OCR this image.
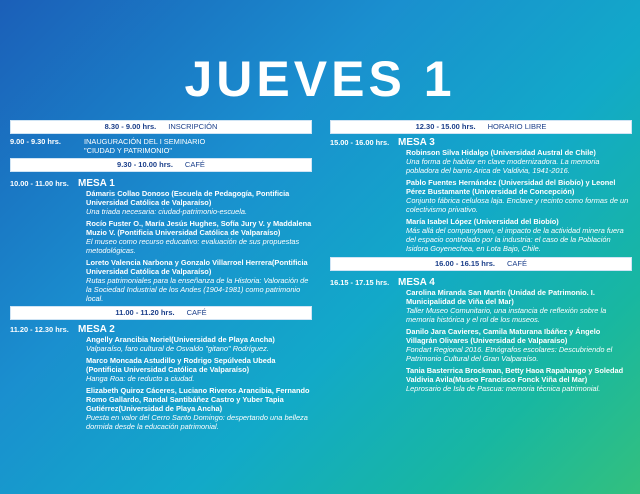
JUEVES 1
8.30 - 9.00 hrs. INSCRIPCIÓN
9.00 - 9.30 hrs.	INAUGURACIÓN DEL I SEMINARIO
"CIUDAD Y PATRIMONIO"
9.30 - 10.00 hrs. CAFÉ
10.00 - 11.00 hrs. MESA 1
Dámaris Collao Donoso (Escuela de Pedagogía, Pontificia Universidad Católica de Valparaíso)
Una triada necesaria: ciudad-patrimonio-escuela.
Rocío Fuster O., María Jesús Hughes, Sofía Jury V. y Maddalena Muzio V. (Pontificia Universidad Católica de Valparaíso)
El museo como recurso educativo: evaluación de sus propuestas metodológicas.
Loreto Valencia Narbona y Gonzalo Villarroel Herrera(Pontificia Universidad Católica de Valparaíso)
Rutas patrimoniales para la enseñanza de la Historia: Valoración de la Sociedad Industrial de los Andes (1904-1981) como patrimonio local.
11.00 - 11.20 hrs. CAFÉ
11.20 - 12.30 hrs. MESA 2
Angelly Arancibia Noriel(Universidad de Playa Ancha)
Valparaíso, faro cultural de Osvaldo "gitano" Rodríguez.
Marco Moncada Astudillo y Rodrigo Sepúlveda Ubeda (Pontificia Universidad Católica de Valparaíso)
Hanga Roa: de reducto a ciudad.
Elizabeth Quiroz Cáceres, Luciano Riveros Arancibia, Fernando Romo Gallardo, Randal Santibáñez Castro y Yuber Tapia Gutiérrez(Universidad de Playa Ancha)
Puesta en valor del Cerro Santo Domingo: despertando una belleza dormida desde la educación patrimonial.
12.30 - 15.00 hrs. HORARIO LIBRE
15.00 - 16.00 hrs. MESA 3
Robinson Silva Hidalgo (Universidad Austral de Chile)
Una forma de habitar en clave modernizadora. La memoria pobladora del barrio Arica de Valdivia, 1941-2016.
Pablo Fuentes Hernández (Universidad del Biobío) y Leonel Pérez Bustamante (Universidad de Concepción)
Conjunto fábrica celulosa laja. Enclave y recinto como formas de un colectivismo privativo.
María Isabel López (Universidad del Biobío)
Más allá del companytown, el impacto de la actividad minera fuera del espacio controlado por la industria: el caso de la Población Isidora Goyenechea, en Lota Bajo, Chile.
16.00 - 16.15 hrs. CAFÉ
16.15 - 17.15 hrs. MESA 4
Carolina Miranda San Martín (Unidad de Patrimonio. I. Municipalidad de Viña del Mar)
Taller Museo Comunitario, una instancia de reflexión sobre la memoria histórica y el rol de los museos.
Danilo Jara Cavieres, Camila Maturana Ibáñez y Ángelo Villagrán Olivares (Universidad de Valparaíso)
Fondart Regional 2016. Etnógrafos escolares: Descubriendo el Patrimonio Cultural del Gran Valparaíso.
Tania Basterrica Brockman, Betty Haoa Rapahango y Soledad Valdivia Avila(Museo Francisco Fonck Viña del Mar)
Leprosario de Isla de Pascua: memoria técnica patrimonial.
